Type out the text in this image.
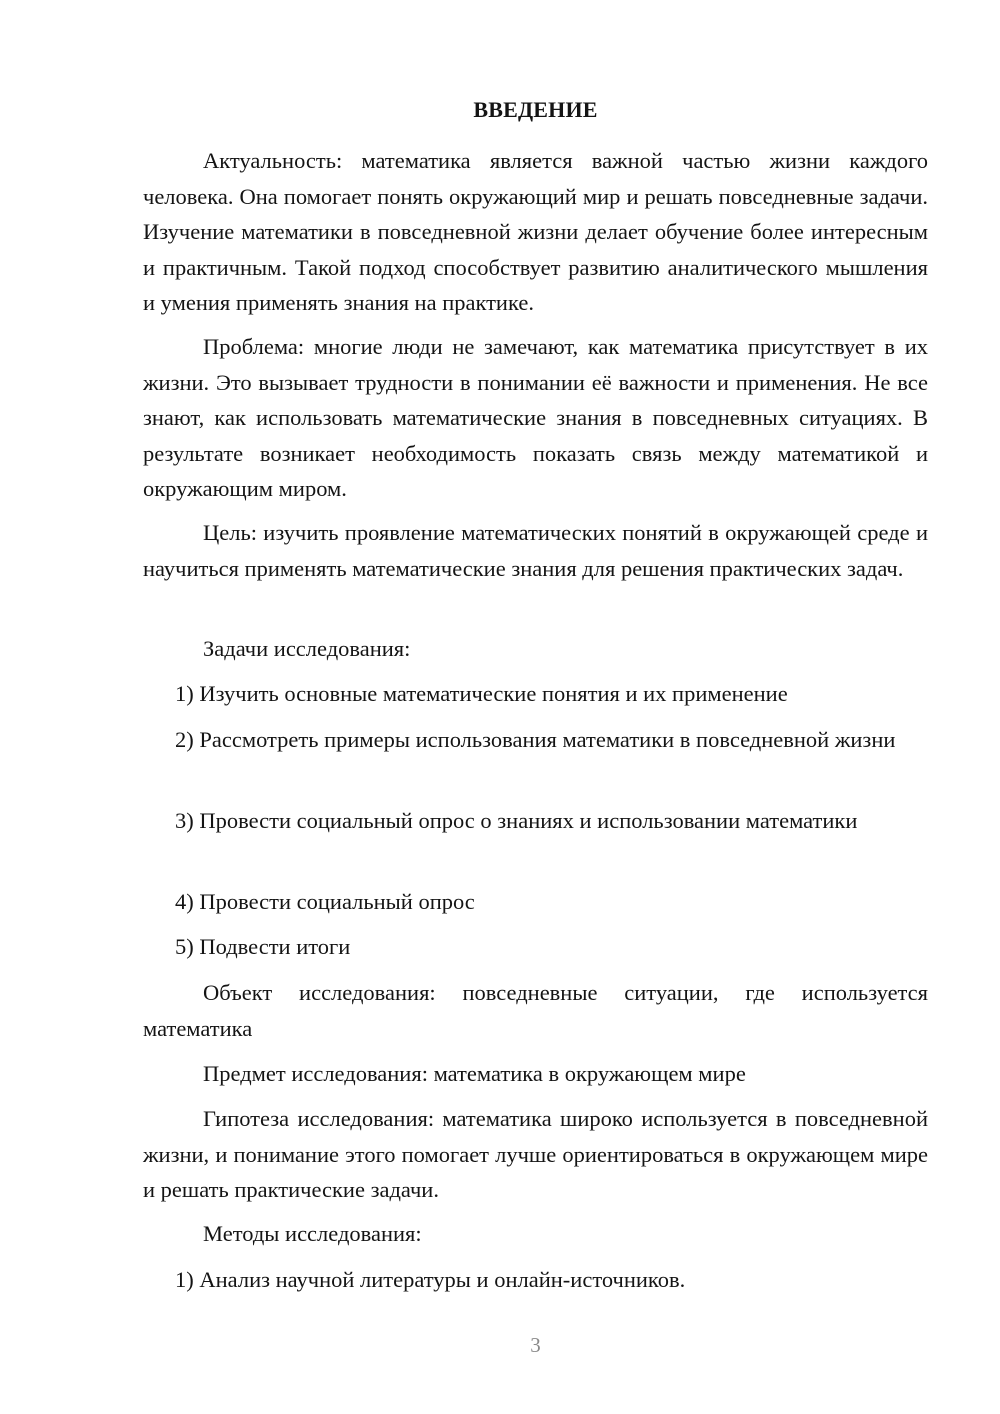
ВВЕДЕНИЕ

Актуальность: математика является важной частью жизни каждого человека. Она помогает понять окружающий мир и решать повседневные задачи. Изучение математики в повседневной жизни делает обучение более интересным и практичным. Такой подход способствует развитию аналитического мышления и умения применять знания на практике.

Проблема: многие люди не замечают, как математика присутствует в их жизни. Это вызывает трудности в понимании её важности и применения. Не все знают, как использовать математические знания в повседневных ситуациях. В результате возникает необходимость показать связь между математикой и окружающим миром.

Цель: изучить проявление математических понятий в окружающей среде и научиться применять математические знания для решения практических задач.

Задачи исследования:

1) Изучить основные математические понятия и их применение

2) Рассмотреть примеры использования математики в повседневной жизни

3) Провести социальный опрос о знаниях и использовании математики

4) Провести социальный опрос

5) Подвести итоги

Объект исследования: повседневные ситуации, где используется математика

Предмет исследования: математика в окружающем мире

Гипотеза исследования: математика широко используется в повседневной жизни, и понимание этого помогает лучше ориентироваться в окружающем мире и решать практические задачи.

Методы исследования:

1) Анализ научной литературы и онлайн-источников.

3
